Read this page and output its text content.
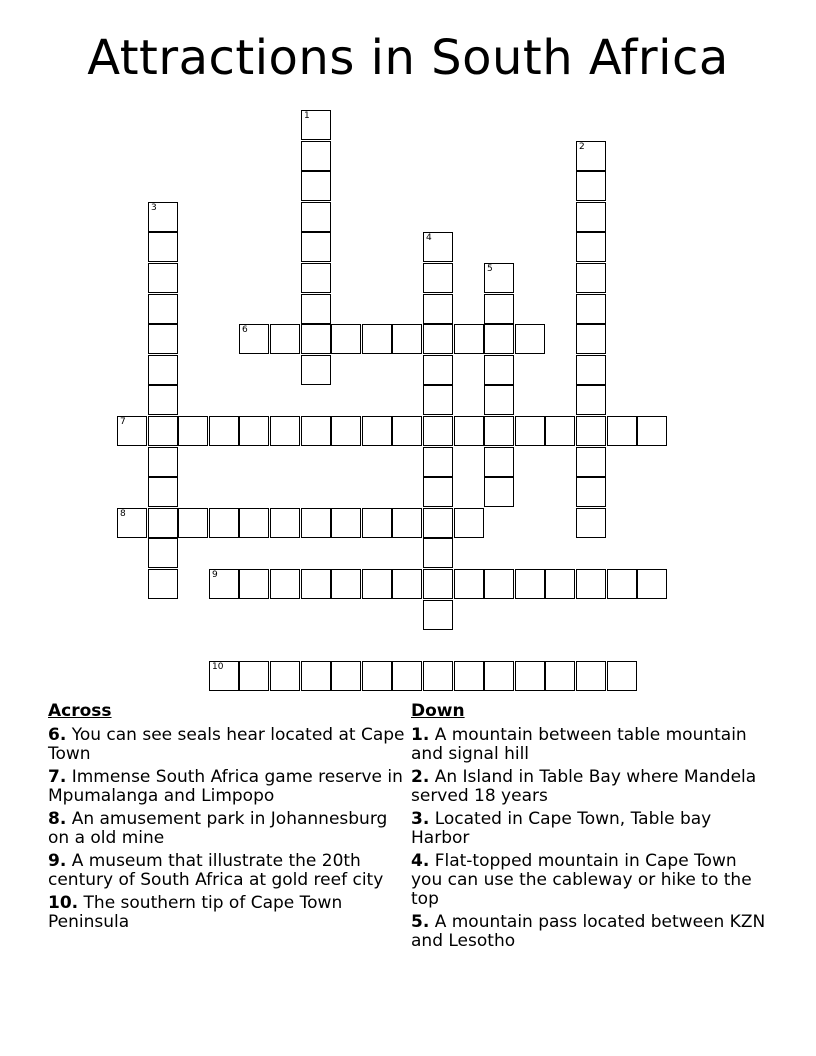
Attractions in South Africa
1
2
3
4
5
6
7
8
9
10
Across
6. You can see seals hear located at Cape Town
7. Immense South Africa game reserve in Mpumalanga and Limpopo
8. An amusement park in Johannesburg on a old mine
9. A museum that illustrate the 20th century of South Africa at gold reef city
10. The southern tip of Cape Town Peninsula
Down
1. A mountain between table mountain and signal hill
2. An Island in Table Bay where Mandela served 18 years
3. Located in Cape Town, Table bay Harbor
4. Flat-topped mountain in Cape Town you can use the cableway or hike to the top
5. A mountain pass located between KZN and Lesotho
